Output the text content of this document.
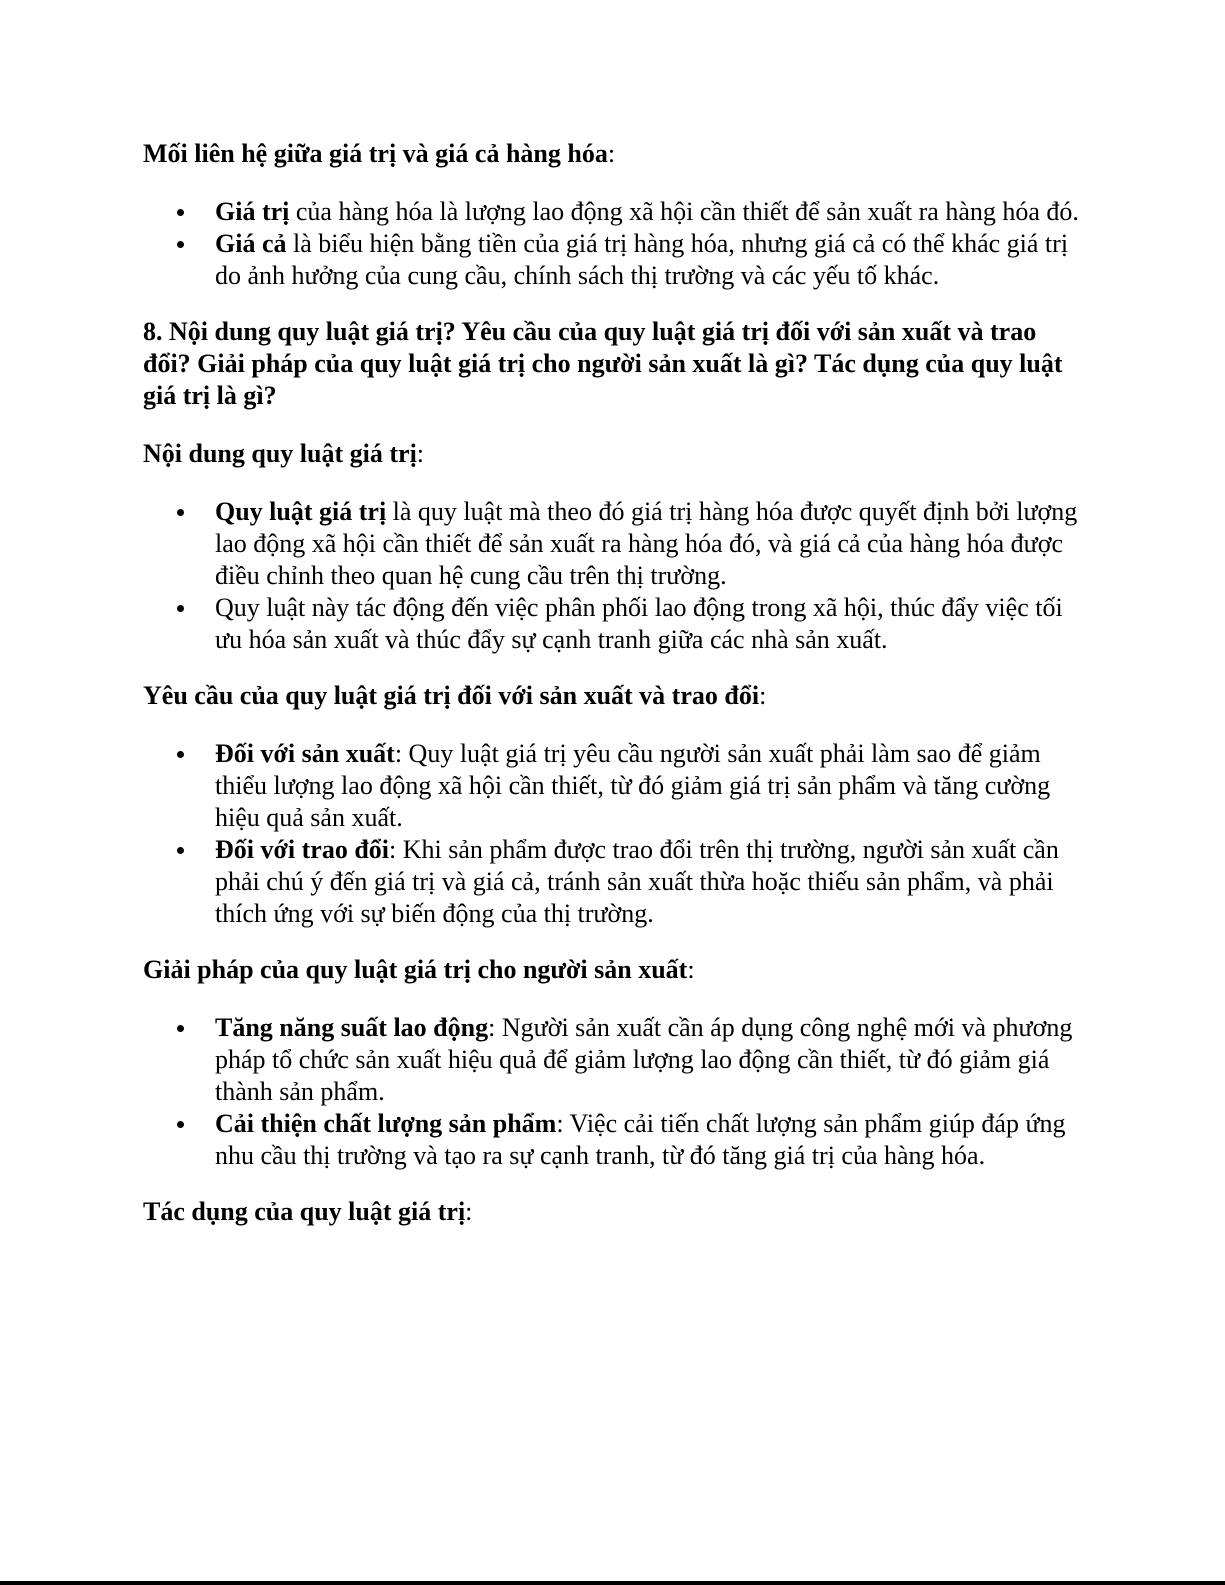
Mối liên hệ giữa giá trị và giá cả hàng hóa:

Giá trị của hàng hóa là lượng lao động xã hội cần thiết để sản xuất ra hàng hóa đó.
Giá cả là biểu hiện bằng tiền của giá trị hàng hóa, nhưng giá cả có thể khác giá trị do ảnh hưởng của cung cầu, chính sách thị trường và các yếu tố khác.

8. Nội dung quy luật giá trị? Yêu cầu của quy luật giá trị đối với sản xuất và trao đổi? Giải pháp của quy luật giá trị cho người sản xuất là gì? Tác dụng của quy luật giá trị là gì?

Nội dung quy luật giá trị:

Quy luật giá trị là quy luật mà theo đó giá trị hàng hóa được quyết định bởi lượng lao động xã hội cần thiết để sản xuất ra hàng hóa đó, và giá cả của hàng hóa được điều chỉnh theo quan hệ cung cầu trên thị trường.
Quy luật này tác động đến việc phân phối lao động trong xã hội, thúc đẩy việc tối ưu hóa sản xuất và thúc đẩy sự cạnh tranh giữa các nhà sản xuất.

Yêu cầu của quy luật giá trị đối với sản xuất và trao đổi:

Đối với sản xuất: Quy luật giá trị yêu cầu người sản xuất phải làm sao để giảm thiểu lượng lao động xã hội cần thiết, từ đó giảm giá trị sản phẩm và tăng cường hiệu quả sản xuất.
Đối với trao đổi: Khi sản phẩm được trao đổi trên thị trường, người sản xuất cần phải chú ý đến giá trị và giá cả, tránh sản xuất thừa hoặc thiếu sản phẩm, và phải thích ứng với sự biến động của thị trường.

Giải pháp của quy luật giá trị cho người sản xuất:

Tăng năng suất lao động: Người sản xuất cần áp dụng công nghệ mới và phương pháp tổ chức sản xuất hiệu quả để giảm lượng lao động cần thiết, từ đó giảm giá thành sản phẩm.
Cải thiện chất lượng sản phẩm: Việc cải tiến chất lượng sản phẩm giúp đáp ứng nhu cầu thị trường và tạo ra sự cạnh tranh, từ đó tăng giá trị của hàng hóa.

Tác dụng của quy luật giá trị:
